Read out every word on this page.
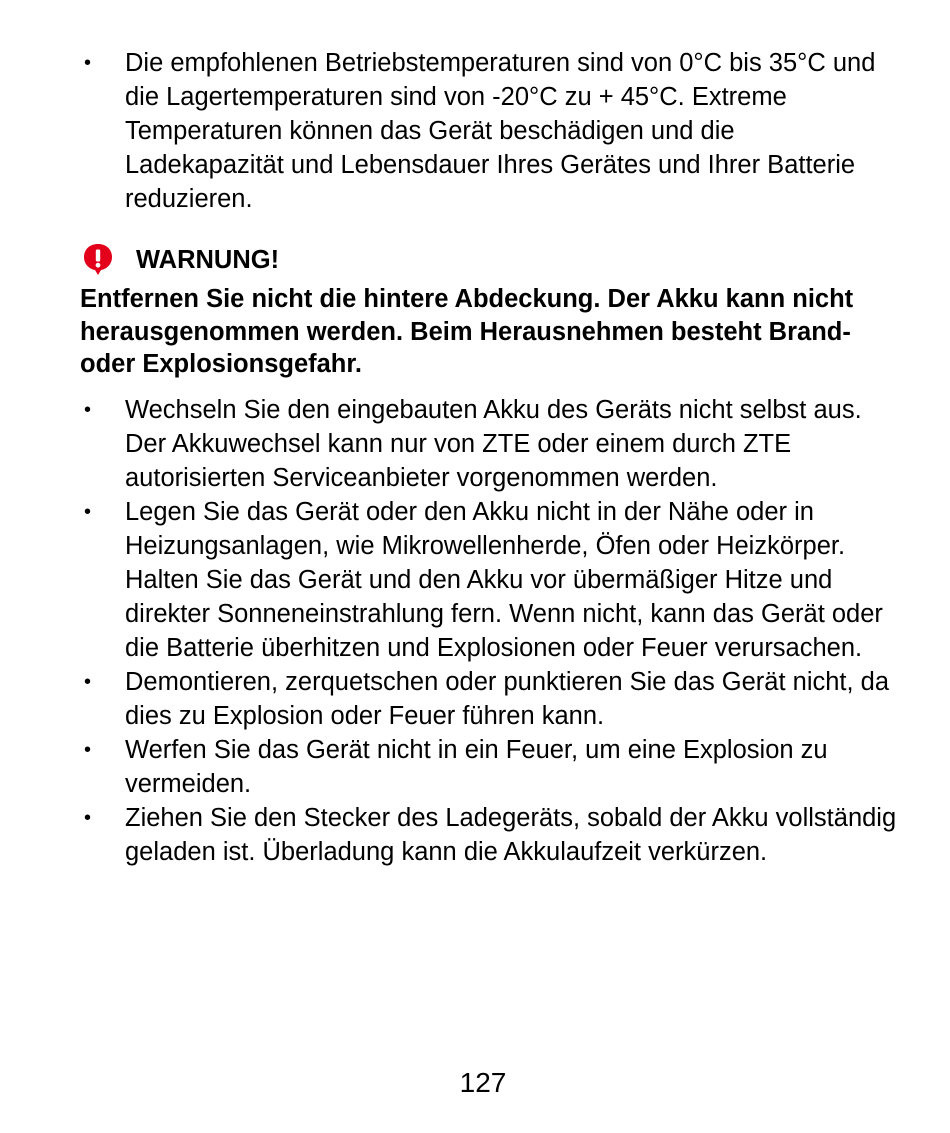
• Die empfohlenen Betriebstemperaturen sind von 0°C bis 35°C und die Lagertemperaturen sind von -20°C zu + 45°C. Extreme Temperaturen können das Gerät beschädigen und die Ladekapazität und Lebensdauer Ihres Gerätes und Ihrer Batterie reduzieren.
WARNUNG!
Entfernen Sie nicht die hintere Abdeckung. Der Akku kann nicht herausgenommen werden. Beim Herausnehmen besteht Brand- oder Explosionsgefahr.
• Wechseln Sie den eingebauten Akku des Geräts nicht selbst aus. Der Akkuwechsel kann nur von ZTE oder einem durch ZTE autorisierten Serviceanbieter vorgenommen werden.
• Legen Sie das Gerät oder den Akku nicht in der Nähe oder in Heizungsanlagen, wie Mikrowellenherde, Öfen oder Heizkörper. Halten Sie das Gerät und den Akku vor übermäßiger Hitze und direkter Sonneneinstrahlung fern. Wenn nicht, kann das Gerät oder die Batterie überhitzen und Explosionen oder Feuer verursachen.
• Demontieren, zerquetschen oder punktieren Sie das Gerät nicht, da dies zu Explosion oder Feuer führen kann.
• Werfen Sie das Gerät nicht in ein Feuer, um eine Explosion zu vermeiden.
• Ziehen Sie den Stecker des Ladegeräts, sobald der Akku vollständig geladen ist. Überladung kann die Akkulaufzeit verkürzen.
127
